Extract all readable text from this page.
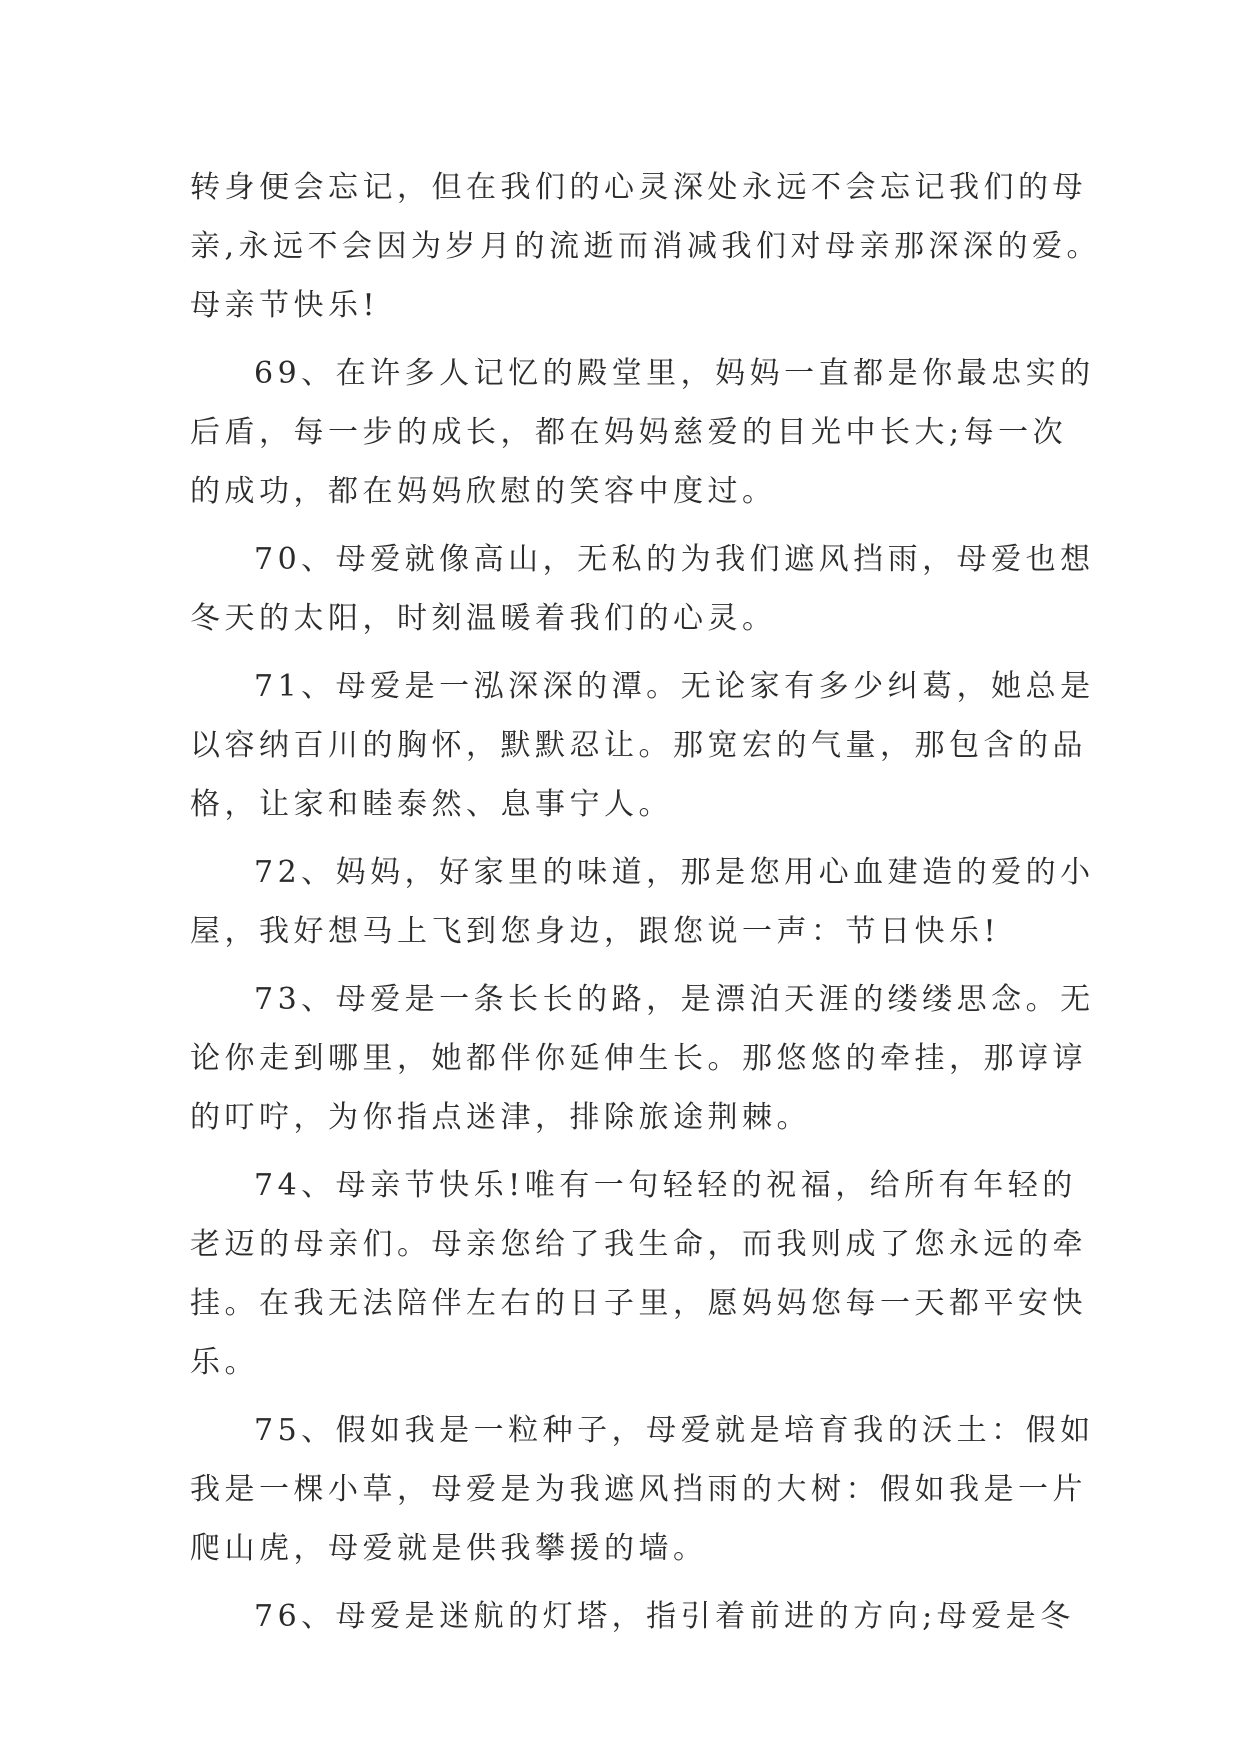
转身便会忘记，但在我们的心灵深处永远不会忘记我们的母
亲,永远不会因为岁月的流逝而消减我们对母亲那深深的爱。
母亲节快乐!
69、在许多人记忆的殿堂里，妈妈一直都是你最忠实的
后盾，每一步的成长，都在妈妈慈爱的目光中长大;每一次
的成功，都在妈妈欣慰的笑容中度过。
70、母爱就像高山，无私的为我们遮风挡雨，母爱也想
冬天的太阳，时刻温暖着我们的心灵。
71、母爱是一泓深深的潭。无论家有多少纠葛，她总是
以容纳百川的胸怀，默默忍让。那宽宏的气量，那包含的品
格，让家和睦泰然、息事宁人。
72、妈妈，好家里的味道，那是您用心血建造的爱的小
屋，我好想马上飞到您身边，跟您说一声：节日快乐!
73、母爱是一条长长的路，是漂泊天涯的缕缕思念。无
论你走到哪里，她都伴你延伸生长。那悠悠的牵挂，那谆谆
的叮咛，为你指点迷津，排除旅途荆棘。
74、母亲节快乐!唯有一句轻轻的祝福，给所有年轻的
老迈的母亲们。母亲您给了我生命，而我则成了您永远的牵
挂。在我无法陪伴左右的日子里，愿妈妈您每一天都平安快
乐。
75、假如我是一粒种子，母爱就是培育我的沃土：假如
我是一棵小草，母爱是为我遮风挡雨的大树：假如我是一片
爬山虎，母爱就是供我攀援的墙。
76、母爱是迷航的灯塔，指引着前进的方向;母爱是冬
